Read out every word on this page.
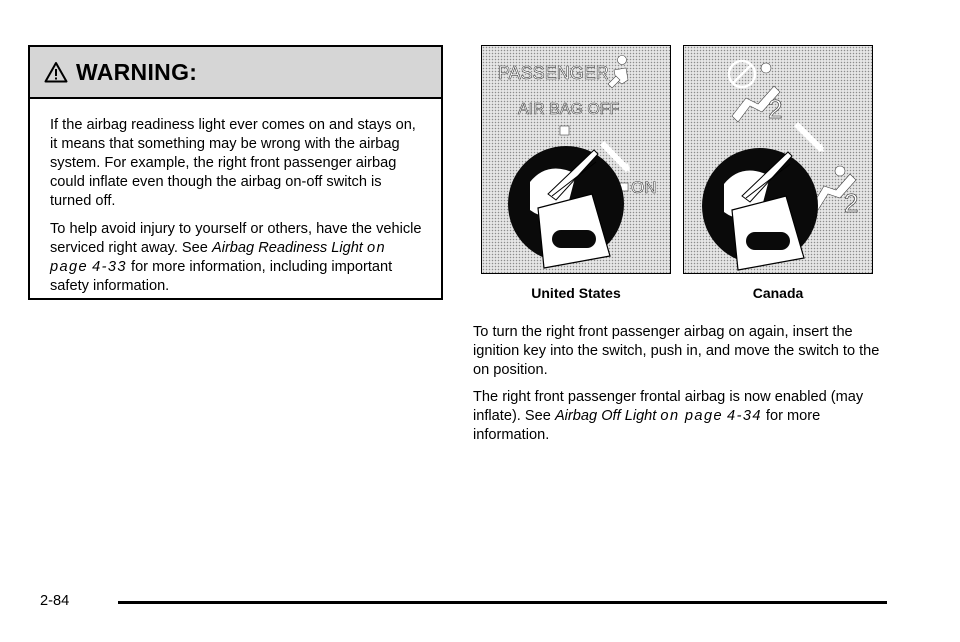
WARNING:

If the airbag readiness light ever comes on and stays on, it means that something may be wrong with the airbag system. For example, the right front passenger airbag could inflate even though the airbag on-off switch is turned off.

To help avoid injury to yourself or others, have the vehicle serviced right away. See Airbag Readiness Light on page 4-33 for more information, including important safety information.

PASSENGER
AIR BAG OFF
ON
United States
2
2
Canada

To turn the right front passenger airbag on again, insert the ignition key into the switch, push in, and move the switch to the on position.

The right front passenger frontal airbag is now enabled (may inflate). See Airbag Off Light on page 4-34 for more information.

2-84
